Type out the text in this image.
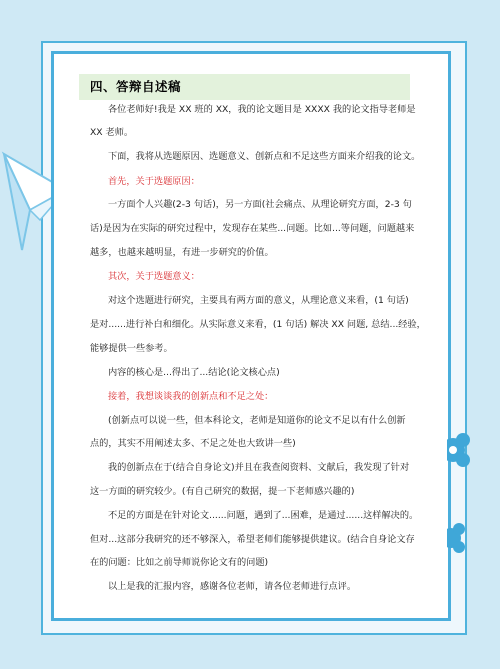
四、答辩自述稿
各位老师好!我是 XX 班的 XX，我的论文题目是 XXXX 我的论文指导老师是
XX 老师。
下面，我将从选题原因、选题意义、创新点和不足这些方面来介绍我的论文。
首先，关于选题原因：
一方面个人兴趣(2-3 句话)，另一方面(社会痛点、从理论研究方面，2-3 句
话)是因为在实际的研究过程中，发现存在某些...问题。比如...等问题，问题越来
越多，也越来越明显，有进一步研究的价值。
其次，关于选题意义：
对这个选题进行研究，主要具有两方面的意义，从理论意义来看，(1 句话)
是对......进行补白和细化。从实际意义来看，(1 句话) 解决 XX 问题, 总结...经验，
能够提供一些参考。
内容的核心是...得出了...结论(论文核心点)
接着，我想谈谈我的创新点和不足之处：
(创新点可以说一些，但本科论文，老师是知道你的论文不足以有什么创新
点的，其实不用阐述太多、不足之处也大致讲一些)
我的创新点在于(结合自身论文)并且在我查阅资料、文献后，我发现了针对
这一方面的研究较少。(有自己研究的数据，提一下老师感兴趣的)
不足的方面是在针对论文......问题，遇到了...困难，是通过......这样解决的。
但对...这部分我研究的还不够深入，希望老师们能够提供建议。(结合自身论文存
在的问题：比如之前导师说你论文有的问题)
以上是我的汇报内容，感谢各位老师，请各位老师进行点评。
